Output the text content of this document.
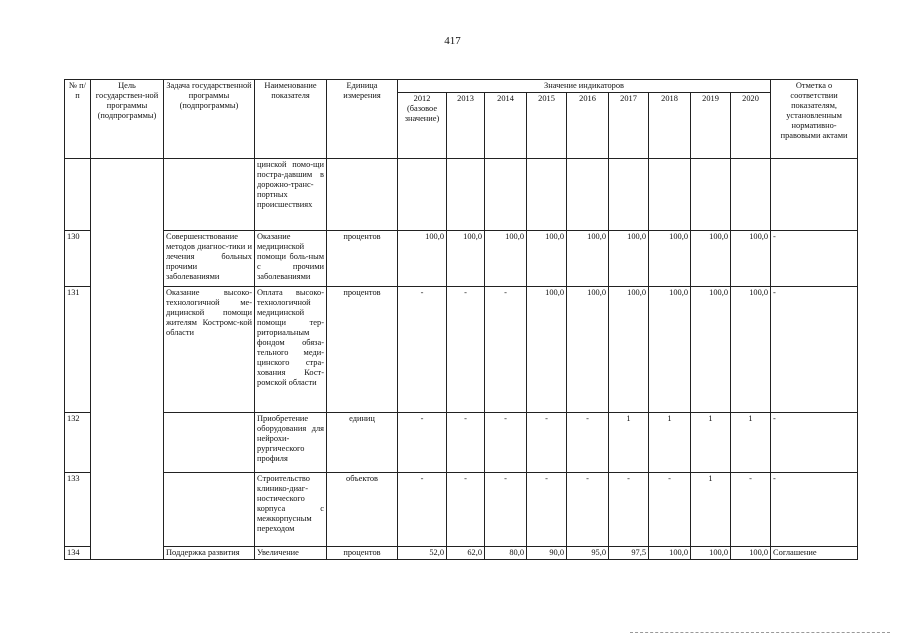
417
№ п/п	Цель государствен-ной программы (подпрограммы)	Задача государственной программы (подпрограммы)	Наименование показателя	Единица измерения	Значение индикаторов									Отметка о соответствии показателям, установленным нормативно-правовыми актами
					2012 (базовое значение)	2013	2014	2015	2016	2017	2018	2019	2020	
			цинской помо-щи постра-давшим в дорожно-транс-портных происшествиях											
130		Совершенствование методов диагнос-тики и лечения больных прочими заболеваниями	Оказание медицинской помощи боль-ным с прочими заболеваниями	процентов	100,0	100,0	100,0	100,0	100,0	100,0	100,0	100,0	100,0	-
131		Оказание высоко-технологичной ме-дицинской помощи жителям Костромс-кой области	Оплата высоко-технологичной медицинской помощи тер-риториальным фондом обяза-тельного меди-цинского стра-хования Кост-ромской области	процентов	-	-	-	100,0	100,0	100,0	100,0	100,0	100,0	-
132			Приобретение оборудования для нейрохи-рургического профиля	единиц	-	-	-	-	-	1	1	1	1	-
133			Строительство клинико-диаг-ностического корпуса с межкорпусным переходом	объектов	-	-	-	-	-	-	-	1	-	-
134		Поддержка развития	Увеличение	процентов	52,0	62,0	80,0	90,0	95,0	97,5	100,0	100,0	100,0	Соглашение
